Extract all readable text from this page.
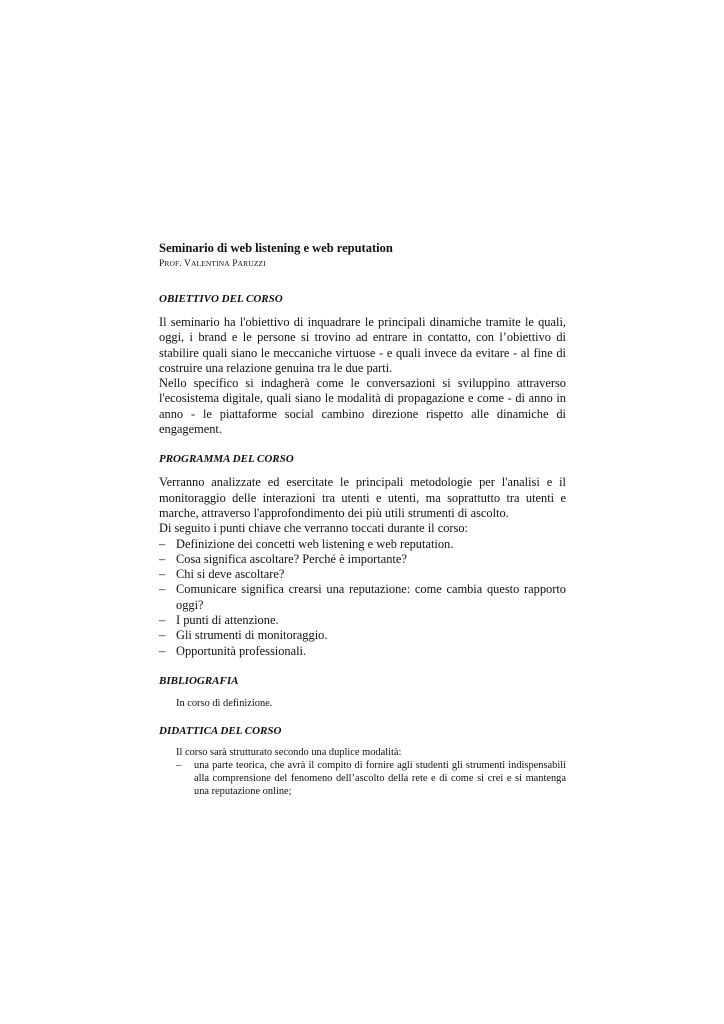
Seminario di web listening e web reputation
PROF. VALENTINA PARUZZI
OBIETTIVO DEL CORSO

Il seminario ha l'obiettivo di inquadrare le principali dinamiche tramite le quali, oggi, i brand e le persone si trovino ad entrare in contatto, con l’obiettivo di stabilire quali siano le meccaniche virtuose - e quali invece da evitare - al fine di costruire una relazione genuina tra le due parti.

Nello specifico si indagherà come le conversazioni si sviluppino attraverso l'ecosistema digitale, quali siano le modalità di propagazione e come - di anno in anno - le piattaforme social cambino direzione rispetto alle dinamiche di engagement.

PROGRAMMA DEL CORSO

Verranno analizzate ed esercitate le principali metodologie per l'analisi e il monitoraggio delle interazioni tra utenti e utenti, ma soprattutto tra utenti e marche, attraverso l'approfondimento dei più utili strumenti di ascolto.

Di seguito i punti chiave che verranno toccati durante il corso:

– Definizione dei concetti web listening e web reputation.
– Cosa significa ascoltare? Perché è importante?
– Chi si deve ascoltare?
– Comunicare significa crearsi una reputazione: come cambia questo rapporto oggi?
– I punti di attenzione.
– Gli strumenti di monitoraggio.
– Opportunità professionali.
BIBLIOGRAFIA

In corso di definizione.

DIDATTICA DEL CORSO

Il corso sarà strutturato secondo una duplice modalità:

– una parte teorica, che avrà il compito di fornire agli studenti gli strumenti indispensabili alla comprensione del fenomeno dell’ascolto della rete e di come si crei e si mantenga una reputazione online;
